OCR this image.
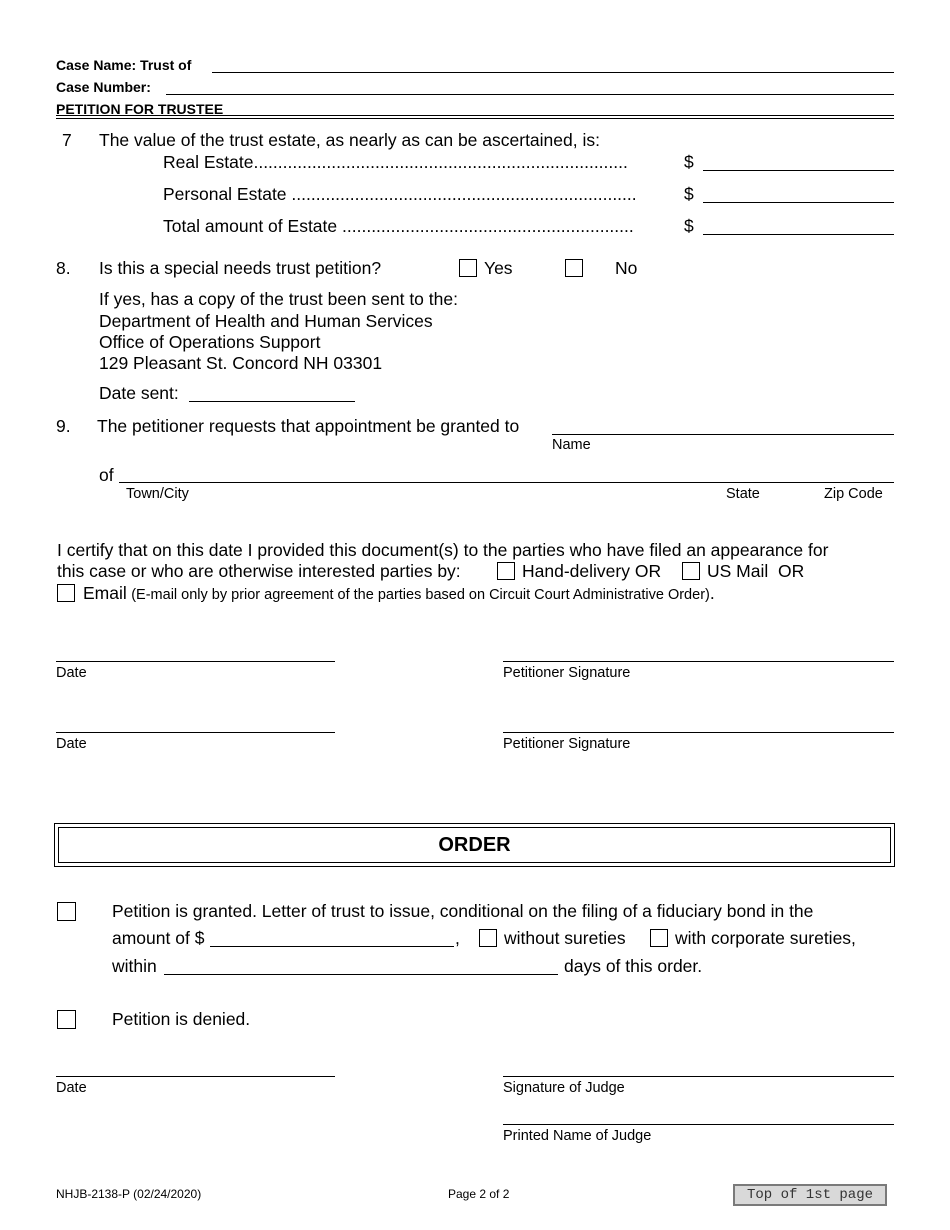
Case Name: Trust of
Case Number:
PETITION FOR TRUSTEE
7 The value of the trust estate, as nearly as can be ascertained, is:
Real Estate.............................................................................	$
Personal Estate .......................................................................	$
Total amount of Estate ............................................................	$
8. Is this a special needs trust petition?	Yes	No
If yes, has a copy of the trust been sent to the:
Department of Health and Human Services
Office of Operations Support
129 Pleasant St. Concord NH 03301
Date sent:
9. The petitioner requests that appointment be granted to
Name
of
Town/City	State	Zip Code
I certify that on this date I provided this document(s) to the parties who have filed an appearance for
this case or who are otherwise interested parties by:	Hand-delivery OR	US Mail  OR
Email (E-mail only by prior agreement of the parties based on Circuit Court Administrative Order).
Date	Petitioner Signature
Date	Petitioner Signature
ORDER
Petition is granted. Letter of trust to issue, conditional on the filing of a fiduciary bond in the
amount of $	,	without sureties	with corporate sureties,
within	days of this order.
Petition is denied.
Date	Signature of Judge
Printed Name of Judge
NHJB-2138-P (02/24/2020)	Page 2 of 2	Top of 1st page
